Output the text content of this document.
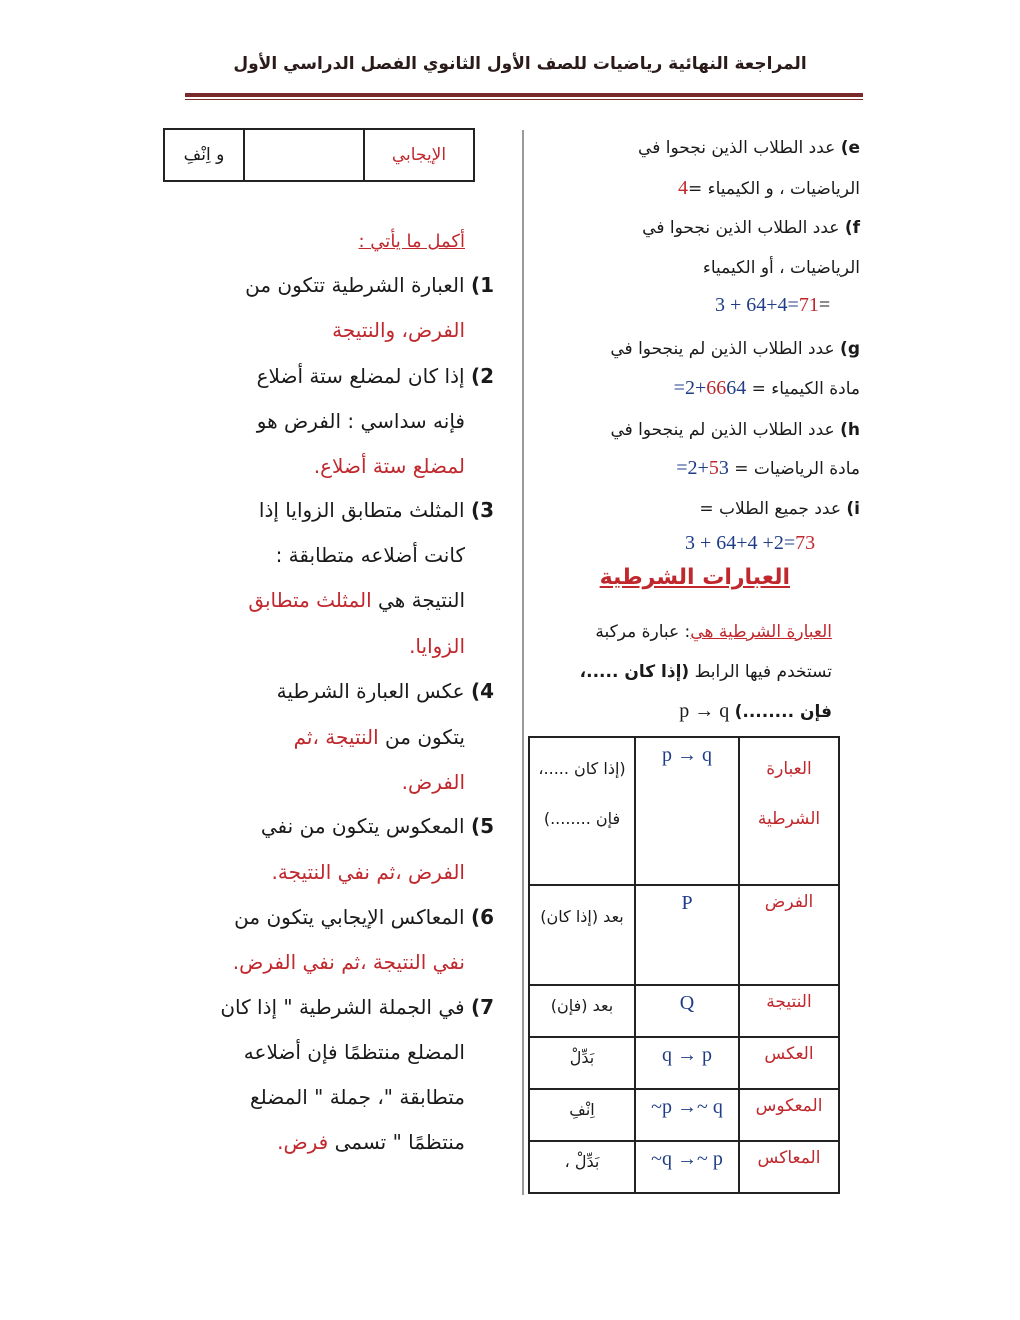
المراجعة النهائية رياضيات للصف الأول الثانوي الفصل الدراسي الأول
e) عدد الطلاب الذين نجحوا في
الرياضيات ، و الكيمياء =4
f) عدد الطلاب الذين نجحوا في
الرياضيات ، أو الكيمياء
3 + 64+4=71=
g) عدد الطلاب الذين لم ينجحوا في
مادة الكيمياء = 6664+2=
h) عدد الطلاب الذين لم ينجحوا في
مادة الرياضيات = 53+2=
i) عدد جميع الطلاب =
3 + 64+4 +2=73
العبارات الشرطية
العبارة الشرطية هي: عبارة مركبة
تستخدم فيها الرابط (إذا كان .....،
فإن ........) p → q
العبارة الشرطية	p → q	(إذا كان .....، فإن ........)
الفرض	P	بعد (إذا كان)
النتيجة	Q	بعد (فإن)
العكس	q → p	بَدِّلْ
المعكوس	~p →~ q	اِنْفِ
المعاكس	~q →~ p	بَدِّلْ ،
الإيجابي		و اِنْفِ
أكمل ما يأتي :
1) العبارة الشرطية تتكون من
الفرض، والنتيجة
2) إذا كان لمضلع ستة أضلاع
فإنه سداسي : الفرض هو
لمضلع ستة أضلاع.
3) المثلث متطابق الزوايا إذا
كانت أضلاعه متطابقة :
النتيجة هي المثلث متطابق
الزوايا.
4) عكس العبارة الشرطية
يتكون من النتيجة ،ثم
الفرض.
5) المعكوس يتكون من نفي
الفرض ،ثم نفي النتيجة.
6) المعاكس الإيجابي يتكون من
نفي النتيجة ،ثم نفي الفرض.
7) في الجملة الشرطية " إذا كان
المضلع منتظمًا فإن أضلاعه
متطابقة "، جملة " المضلع
منتظمًا " تسمى فرض.
